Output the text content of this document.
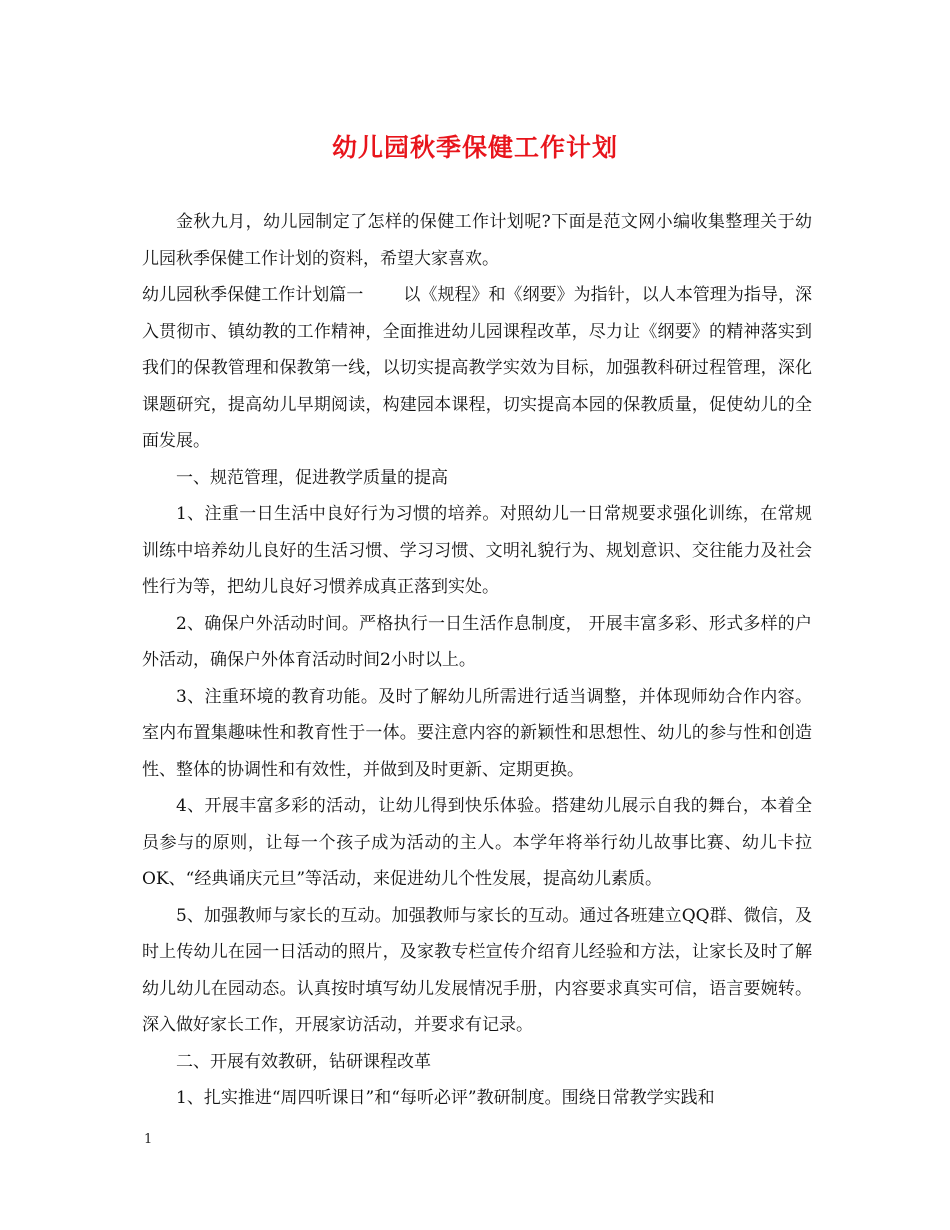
幼儿园秋季保健工作计划

金秋九月，幼儿园制定了怎样的保健工作计划呢?下面是范文网小编收集整理关于幼儿园秋季保健工作计划的资料，希望大家喜欢。

幼儿园秋季保健工作计划篇一 以《规程》和《纲要》为指针，以人本管理为指导，深入贯彻市、镇幼教的工作精神，全面推进幼儿园课程改革，尽力让《纲要》的精神落实到我们的保教管理和保教第一线，以切实提高教学实效为目标，加强教科研过程管理，深化课题研究，提高幼儿早期阅读，构建园本课程，切实提高本园的保教质量，促使幼儿的全面发展。

一、规范管理，促进教学质量的提高

1、注重一日生活中良好行为习惯的培养。对照幼儿一日常规要求强化训练，在常规训练中培养幼儿良好的生活习惯、学习习惯、文明礼貌行为、规划意识、交往能力及社会性行为等，把幼儿良好习惯养成真正落到实处。

2、确保户外活动时间。严格执行一日生活作息制度， 开展丰富多彩、形式多样的户外活动，确保户外体育活动时间2小时以上。

3、注重环境的教育功能。及时了解幼儿所需进行适当调整，并体现师幼合作内容。室内布置集趣味性和教育性于一体。要注意内容的新颖性和思想性、幼儿的参与性和创造性、整体的协调性和有效性，并做到及时更新、定期更换。

4、开展丰富多彩的活动，让幼儿得到快乐体验。搭建幼儿展示自我的舞台，本着全员参与的原则，让每一个孩子成为活动的主人。本学年将举行幼儿故事比赛、幼儿卡拉OK、“经典诵庆元旦”等活动，来促进幼儿个性发展，提高幼儿素质。

5、加强教师与家长的互动。加强教师与家长的互动。通过各班建立QQ群、微信，及时上传幼儿在园一日活动的照片，及家教专栏宣传介绍育儿经验和方法，让家长及时了解幼儿幼儿在园动态。认真按时填写幼儿发展情况手册，内容要求真实可信，语言要婉转。深入做好家长工作，开展家访活动，并要求有记录。

二、开展有效教研，钻研课程改革

1、扎实推进“周四听课日”和“每听必评”教研制度。围绕日常教学实践和

1
